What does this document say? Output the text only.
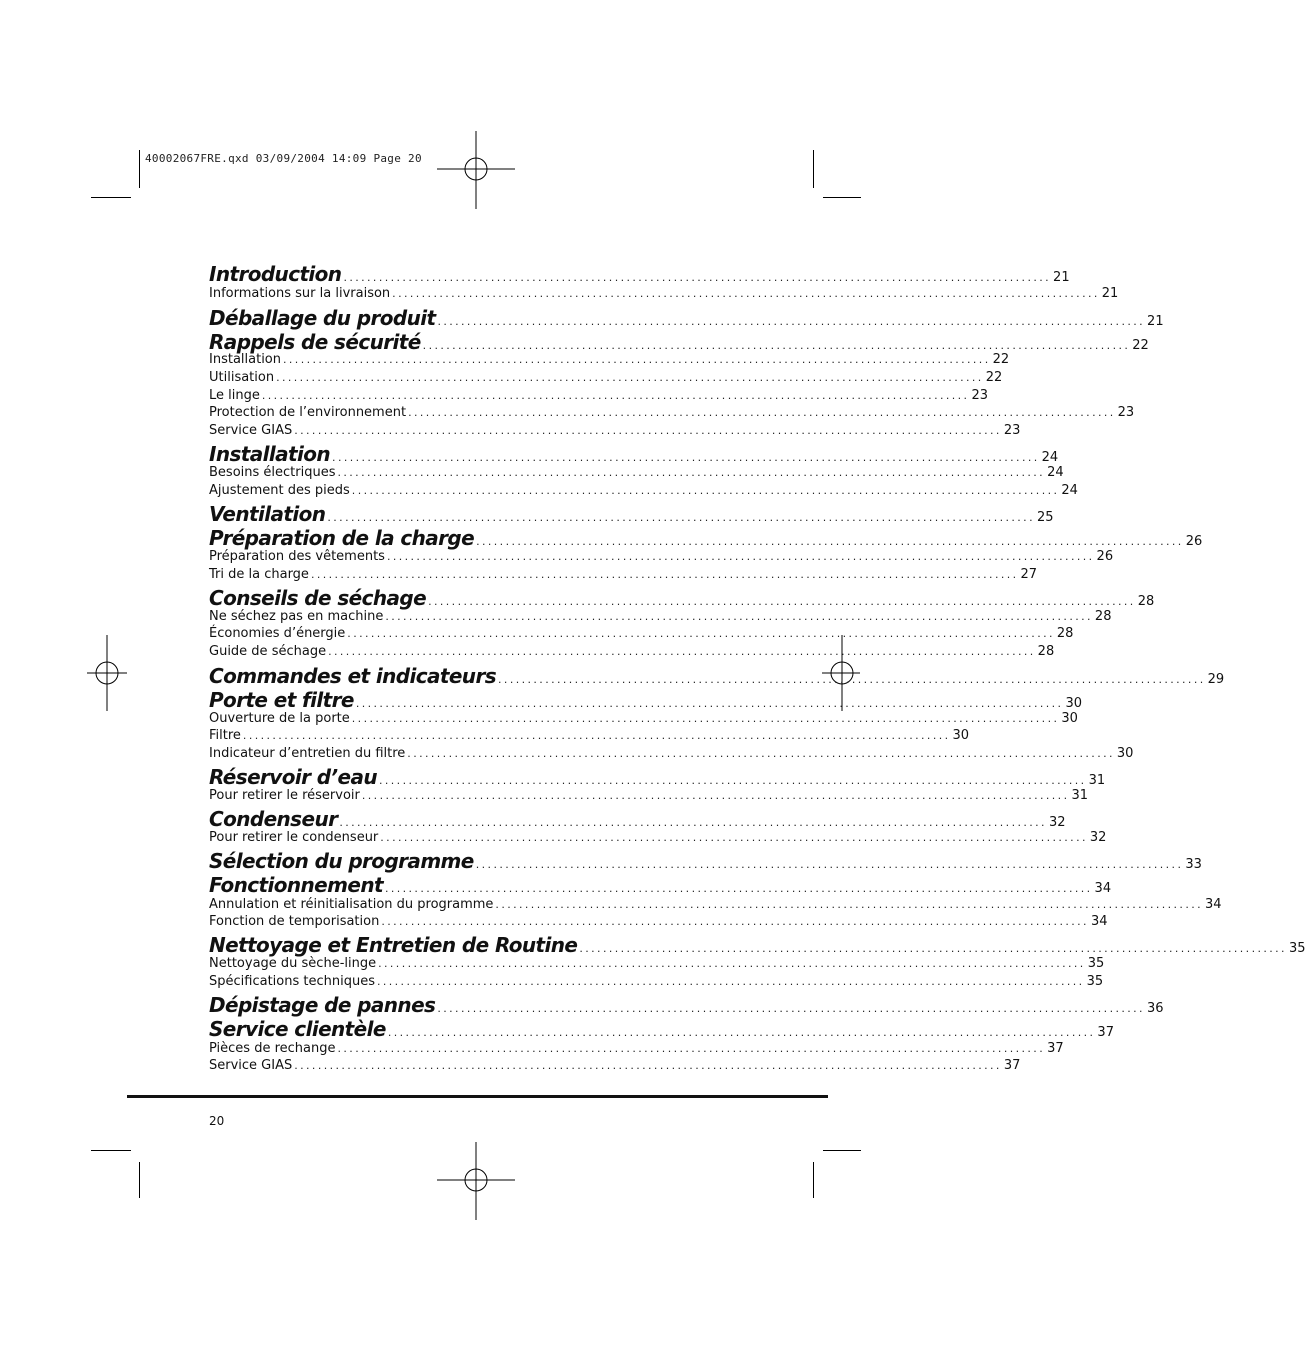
40002067FRE.qxd 03/09/2004 14:09 Page 20
Introduction ........................................................................................................................ 21
Informations sur la livraison ........................................................................................................................ 21
Déballage du produit ........................................................................................................................ 21
Rappels de sécurité ........................................................................................................................ 22
Installation ........................................................................................................................ 22
Utilisation ........................................................................................................................ 22
Le linge ........................................................................................................................ 23
Protection de l’environnement ........................................................................................................................ 23
Service GIAS ........................................................................................................................ 23
Installation ........................................................................................................................ 24
Besoins électriques ........................................................................................................................ 24
Ajustement des pieds ........................................................................................................................ 24
Ventilation ........................................................................................................................ 25
Préparation de la charge ........................................................................................................................ 26
Préparation des vêtements ........................................................................................................................ 26
Tri de la charge ........................................................................................................................ 27
Conseils de séchage ........................................................................................................................ 28
Ne séchez pas en machine ........................................................................................................................ 28
Économies d’énergie ........................................................................................................................ 28
Guide de séchage ........................................................................................................................ 28
Commandes et indicateurs ........................................................................................................................ 29
Porte et filtre ........................................................................................................................ 30
Ouverture de la porte ........................................................................................................................ 30
Filtre ........................................................................................................................ 30
Indicateur d’entretien du filtre ........................................................................................................................ 30
Réservoir d’eau ........................................................................................................................ 31
Pour retirer le réservoir ........................................................................................................................ 31
Condenseur ........................................................................................................................ 32
Pour retirer le condenseur ........................................................................................................................ 32
Sélection du programme ........................................................................................................................ 33
Fonctionnement ........................................................................................................................ 34
Annulation et réinitialisation du programme ........................................................................................................................ 34
Fonction de temporisation ........................................................................................................................ 34
Nettoyage et Entretien de Routine ........................................................................................................................ 35
Nettoyage du sèche-linge ........................................................................................................................ 35
Spécifications techniques ........................................................................................................................ 35
Dépistage de pannes ........................................................................................................................ 36
Service clientèle ........................................................................................................................ 37
Pièces de rechange ........................................................................................................................ 37
Service GIAS ........................................................................................................................ 37
20
